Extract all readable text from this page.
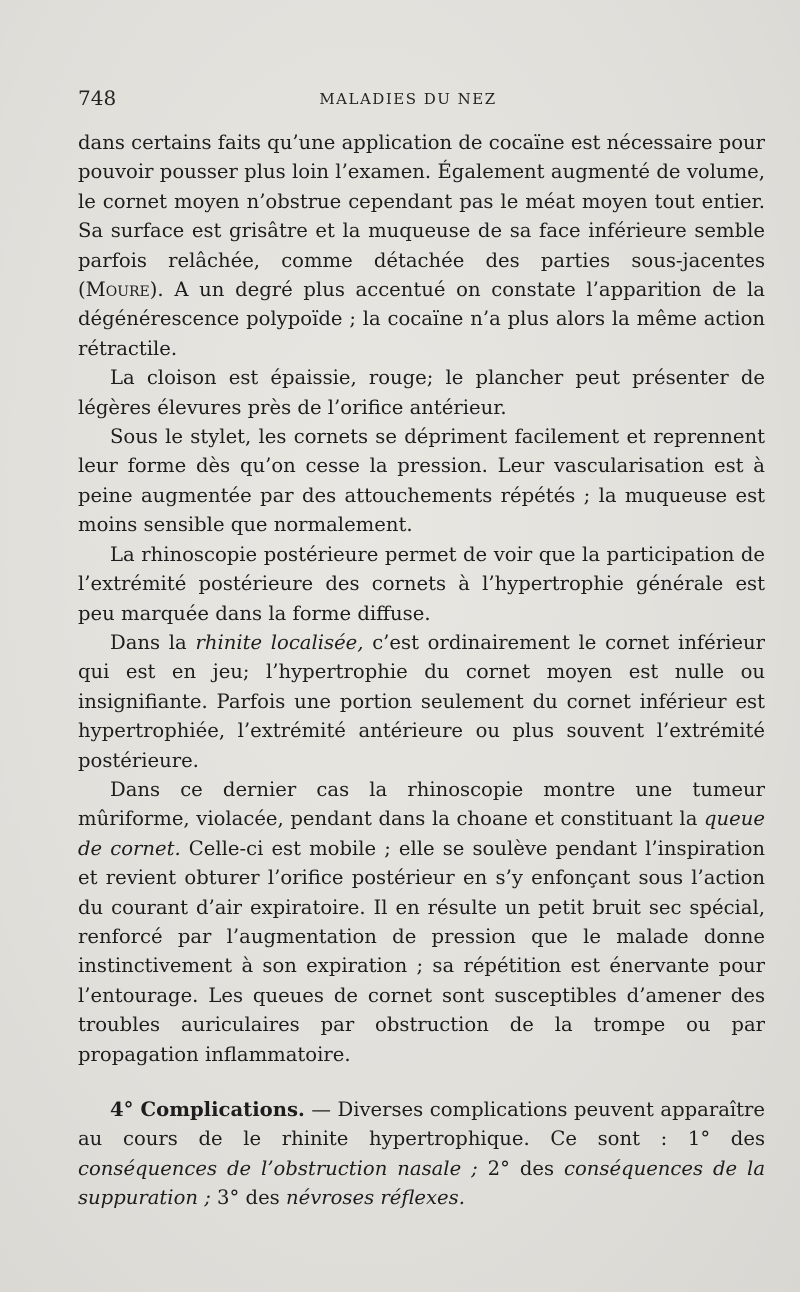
748	MALADIES DU NEZ

dans certains faits qu’une application de cocaïne est nécessaire pour pouvoir pousser plus loin l’examen. Également augmenté de volume, le cornet moyen n’obstrue cependant pas le méat moyen tout entier. Sa surface est grisâtre et la muqueuse de sa face inférieure semble parfois relâchée, comme détachée des parties sous-jacentes (Moure). A un degré plus accentué on constate l’apparition de la dégénérescence polypoïde ; la cocaïne n’a plus alors la même action rétractile.

La cloison est épaissie, rouge; le plancher peut présenter de légères élevures près de l’orifice antérieur.

Sous le stylet, les cornets se dépriment facilement et reprennent leur forme dès qu’on cesse la pression. Leur vascularisation est à peine augmentée par des attouchements répétés ; la muqueuse est moins sensible que normalement.

La rhinoscopie postérieure permet de voir que la participation de l’extrémité postérieure des cornets à l’hypertrophie générale est peu marquée dans la forme diffuse.

Dans la rhinite localisée, c’est ordinairement le cornet inférieur qui est en jeu; l’hypertrophie du cornet moyen est nulle ou insignifiante. Parfois une portion seulement du cornet inférieur est hypertrophiée, l’extrémité antérieure ou plus souvent l’extrémité postérieure.

Dans ce dernier cas la rhinoscopie montre une tumeur mûriforme, violacée, pendant dans la choane et constituant la queue de cornet. Celle-ci est mobile ; elle se soulève pendant l’inspiration et revient obturer l’orifice postérieur en s’y enfonçant sous l’action du courant d’air expiratoire. Il en résulte un petit bruit sec spécial, renforcé par l’augmentation de pression que le malade donne instinctivement à son expiration ; sa répétition est énervante pour l’entourage. Les queues de cornet sont susceptibles d’amener des troubles auriculaires par obstruction de la trompe ou par propagation inflammatoire.

4° Complications. — Diverses complications peuvent apparaître au cours de le rhinite hypertrophique. Ce sont : 1° des conséquences de l’obstruction nasale ; 2° des conséquences de la suppuration ; 3° des névroses réflexes.
